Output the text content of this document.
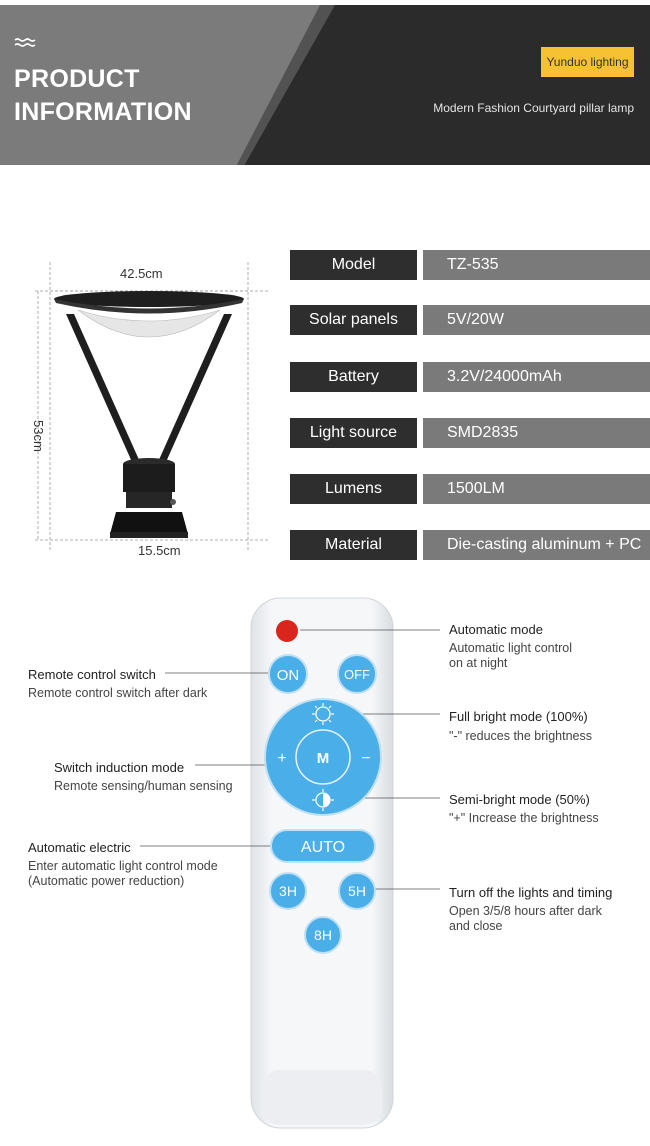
PRODUCT
INFORMATION
Yunduo lighting
Modern Fashion Courtyard pillar lamp
42.5cm
53cm
15.5cm
Model	TZ-535
Solar panels	5V/20W
Battery	3.2V/24000mAh
Light source	SMD2835
Lumens	1500LM
Material	Die-casting aluminum + PC
ON	OFF
+	−
M
AUTO
3H	5H
8H
Automatic mode
Automatic light control
on at night
Remote control switch
Remote control switch after dark
Full bright mode (100%)
"-" reduces the brightness
Switch induction mode
Remote sensing/human sensing
Semi-bright mode (50%)
"+" Increase the brightness
Automatic electric
Enter automatic light control mode
(Automatic power reduction)
Turn off the lights and timing
Open 3/5/8 hours after dark
and close
